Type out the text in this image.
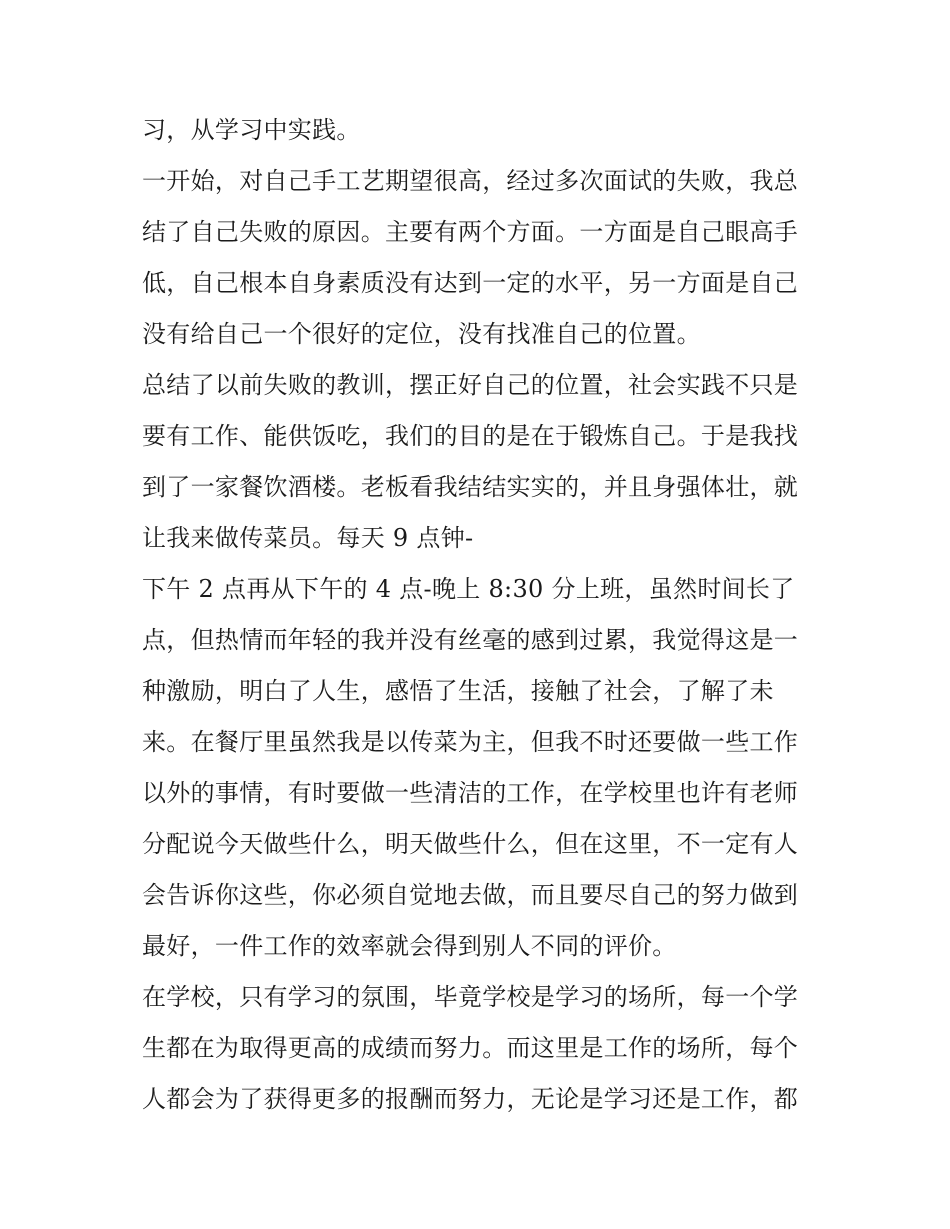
习，从学习中实践。

一开始，对自己手工艺期望很高，经过多次面试的失败，我总

结了自己失败的原因。主要有两个方面。一方面是自己眼高手

低，自己根本自身素质没有达到一定的水平，另一方面是自己

没有给自己一个很好的定位，没有找准自己的位置。

总结了以前失败的教训，摆正好自己的位置，社会实践不只是

要有工作、能供饭吃，我们的目的是在于锻炼自己。于是我找

到了一家餐饮酒楼。老板看我结结实实的，并且身强体壮，就

让我来做传菜员。每天 9 点钟-

下午 2 点再从下午的 4 点-晚上 8:30 分上班，虽然时间长了

点，但热情而年轻的我并没有丝毫的感到过累，我觉得这是一

种激励，明白了人生，感悟了生活，接触了社会，了解了未

来。在餐厅里虽然我是以传菜为主，但我不时还要做一些工作

以外的事情，有时要做一些清洁的工作，在学校里也许有老师

分配说今天做些什么，明天做些什么，但在这里，不一定有人

会告诉你这些，你必须自觉地去做，而且要尽自己的努力做到

最好，一件工作的效率就会得到别人不同的评价。

在学校，只有学习的氛围，毕竟学校是学习的场所，每一个学

生都在为取得更高的成绩而努力。而这里是工作的场所，每个

人都会为了获得更多的报酬而努力，无论是学习还是工作，都
